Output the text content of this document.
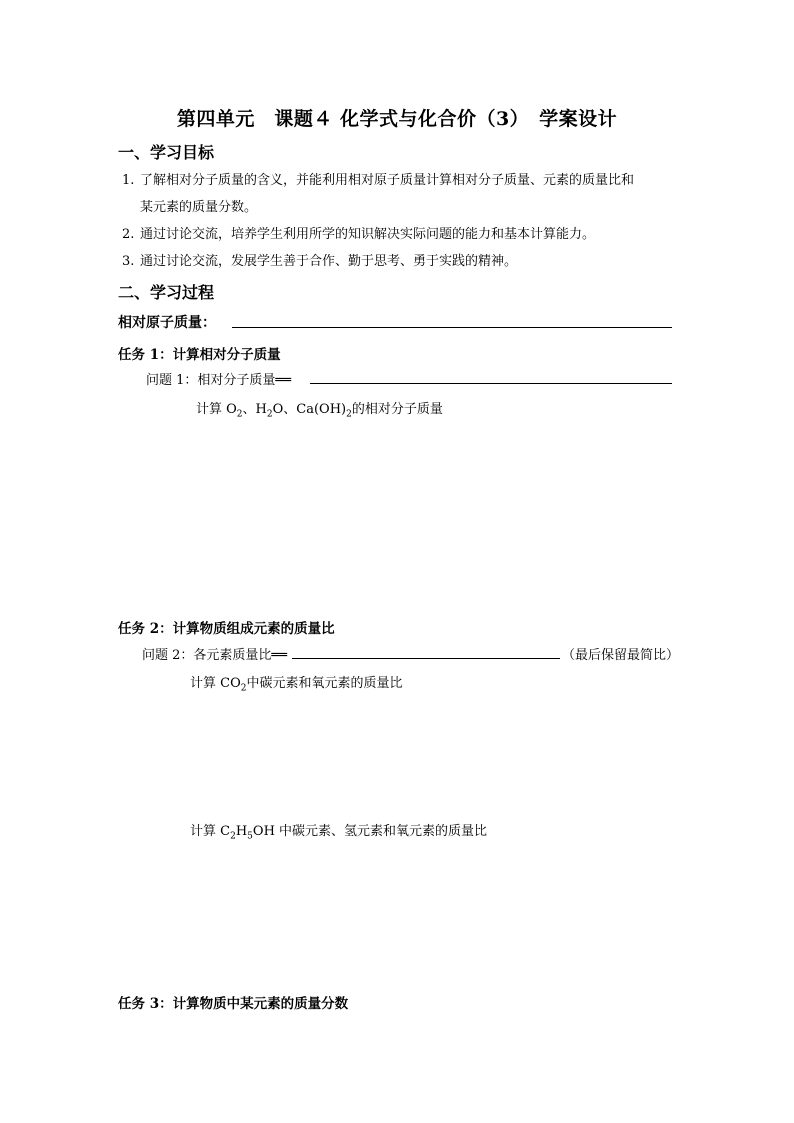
第四单元　课题４ 化学式与化合价（3）　学案设计
一、学习目标
1. 了解相对分子质量的含义，并能利用相对原子质量计算相对分子质量、元素的质量比和
某元素的质量分数。
2. 通过讨论交流，培养学生利用所学的知识解决实际问题的能力和基本计算能力。
3. 通过讨论交流，发展学生善于合作、勤于思考、勇于实践的精神。
二、学习过程
相对原子质量：
任务 1：计算相对分子质量
问题 1：相对分子质量══
计算 $O_2$、$H_2O$、$Ca(OH)_2$的相对分子质量
任务 2：计算物质组成元素的质量比
问题 2：各元素质量比══	（最后保留最简比）
计算 $CO_2$中碳元素和氧元素的质量比
计算 $C_2H_5OH$ 中碳元素、氢元素和氧元素的质量比
任务 3：计算物质中某元素的质量分数
